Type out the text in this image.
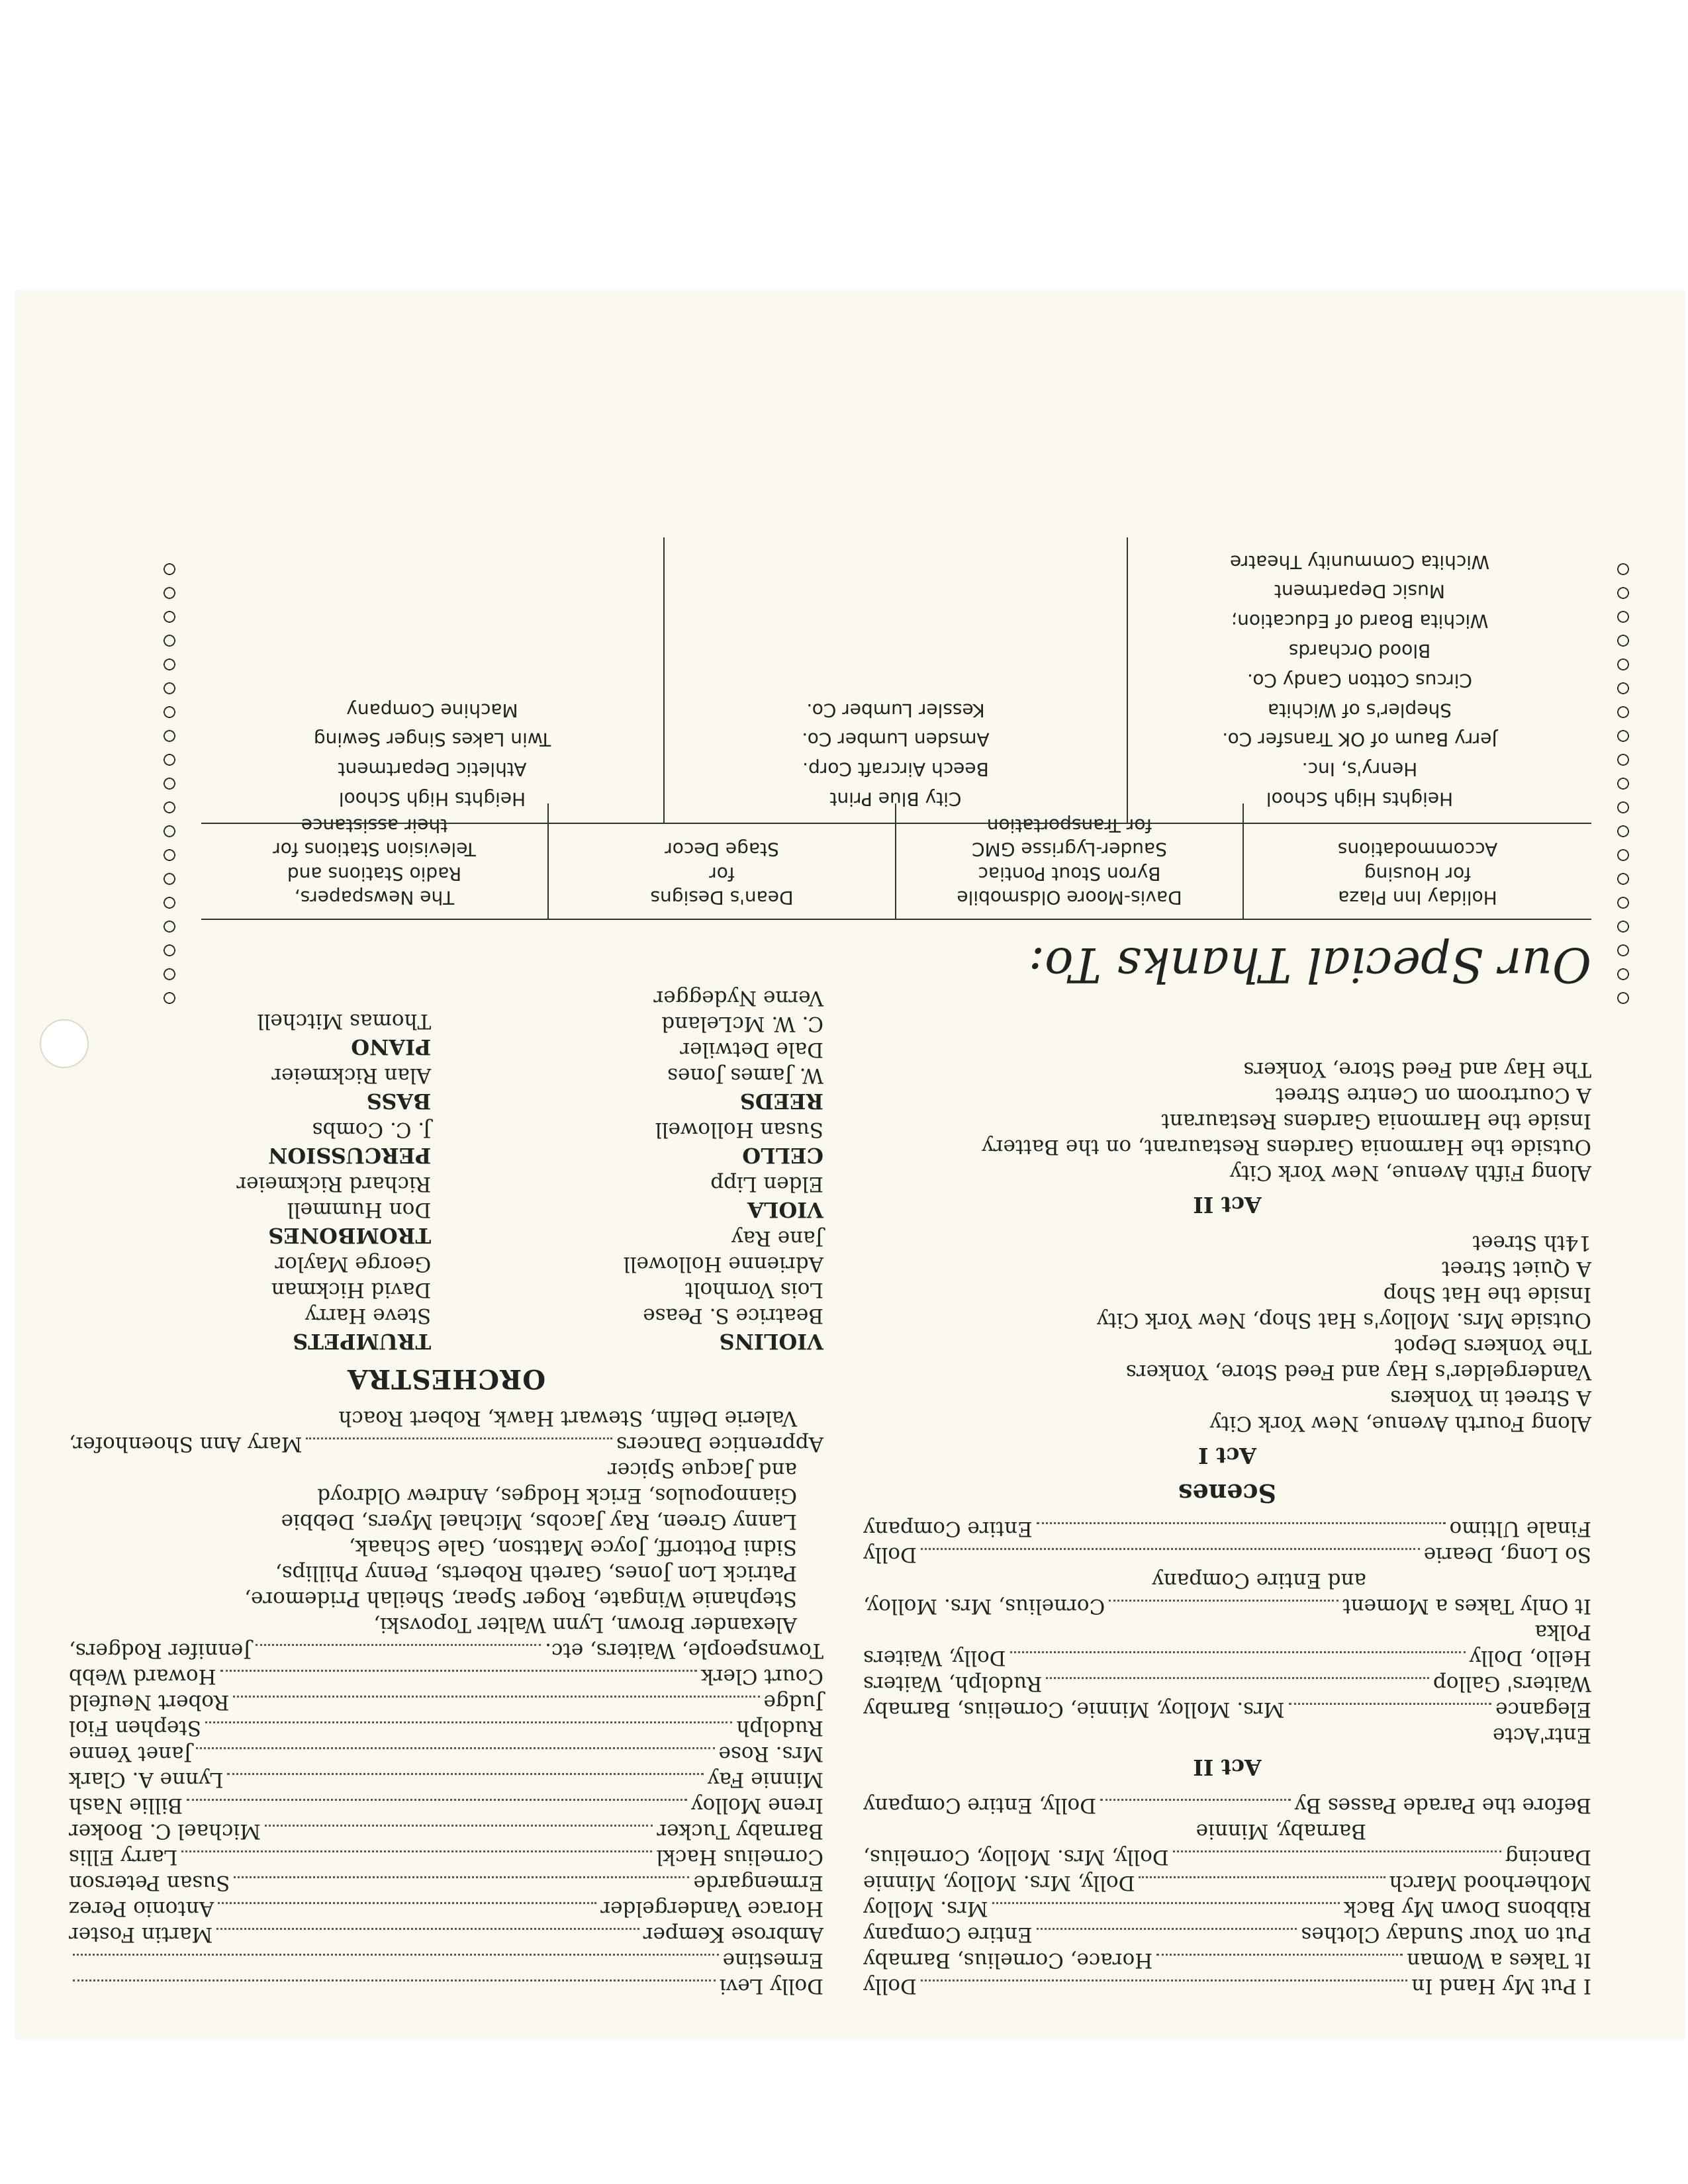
Our Special Thanks To:
Holiday Inn Plaza
for Housing
Accommodations
Davis-Moore Oldsmobile
Byron Stout Pontiac
Sauder-Lygrisse GMC
for Transportation
Dean's Designs
for
Stage Decor
The Newspapers,
Radio Stations and
Television Stations for
their assistance
Heights High School
Henry's, Inc.
Jerry Baum of OK Transfer Co.
Shepler's of Wichita
Circus Cotton Candy Co.
Blood Orchards
Wichita Board of Education;
Music Department
Wichita Community Theatre
City Blue Print
Beech Aircraft Corp.
Amsden Lumber Co.
Kessler Lumber Co.
Heights High School
Athletic Department
Twin Lakes Singer Sewing
Machine Company
I Put My Hand In
Dolly
It Takes a Woman
Horace, Cornelius, Barnaby
Put on Your Sunday Clothes
Entire Company
Ribbons Down My Back
Mrs. Molloy
Motherhood March
Dolly, Mrs. Molloy, Minnie
Dancing
Dolly, Mrs. Molloy, Cornelius,
Barnaby, Minnie
Before the Parade Passes By
Dolly, Entire Company
Act II
Entr'Acte
Elegance
Mrs. Molloy, Minnie, Cornelius, Barnaby
Waiters' Gallop
Rudolph, Waiters
Hello, Dolly
Dolly, Waiters
Polka
It Only Takes a Moment
Cornelius, Mrs. Molloy,
and Entire Company
So Long, Dearie
Dolly
Finale Ultimo
Entire Company
Scenes
Act I
Along Fourth Avenue, New York City
A Street in Yonkers
Vandergelder's Hay and Feed Store, Yonkers
The Yonkers Depot
Outside Mrs. Molloy's Hat Shop, New York City
Inside the Hat Shop
A Quiet Street
14th Street
Act II
Along Fifth Avenue, New York City
Outside the Harmonia Gardens Restaurant, on the Battery
Inside the Harmonia Gardens Restaurant
A Courtroom on Centre Street
The Hay and Feed Store, Yonkers
Dolly Levi
Ernestine
Ambrose Kemper
Martin Foster
Horace Vandergelder
Antonio Perez
Ermengarde
Susan Peterson
Cornelius Hackl
Larry Ellis
Barnaby Tucker
Michael C. Booker
Irene Molloy
Billie Nash
Minnie Fay
Lynne A. Clark
Mrs. Rose
Janet Yenne
Rudolph
Stephen Fiol
Judge
Robert Neufeld
Court Clerk
Howard Webb
Townspeople, Waiters, etc.
Jennifer Rodgers,
Alexander Brown, Lynn Walter Topovski,
Stephanie Wingate, Roger Spear, Sheilah Pridemore,
Patrick Lon Jones, Gareth Roberts, Penny Phillips,
Sidni Pottorff, Joyce Mattson, Gale Schaak,
Lanny Green, Ray Jacobs, Michael Myers, Debbie
Giannopoulos, Erick Hodges, Andrew Oldroyd
and Jacque Spicer
Apprentice Dancers
Mary Ann Shoenhofer,
Valerie Delfin, Stewart Hawk, Robert Roach
ORCHESTRA
VIOLINS
Beatrice S. Pease
Lois Vornholt
Adrienne Hollowell
Jane Ray
VIOLA
Elden Lipp
CELLO
Susan Hollowell
REEDS
W. James Jones
Dale Detwiler
C. W. McLeland
Verne Nydegger
TRUMPETS
Steve Harry
David Hickman
George Maylor
TROMBONES
Don Hummell
Richard Rickmeier
PERCUSSION
J. C. Combs
BASS
Alan Rickmeier
PIANO
Thomas Mitchell
